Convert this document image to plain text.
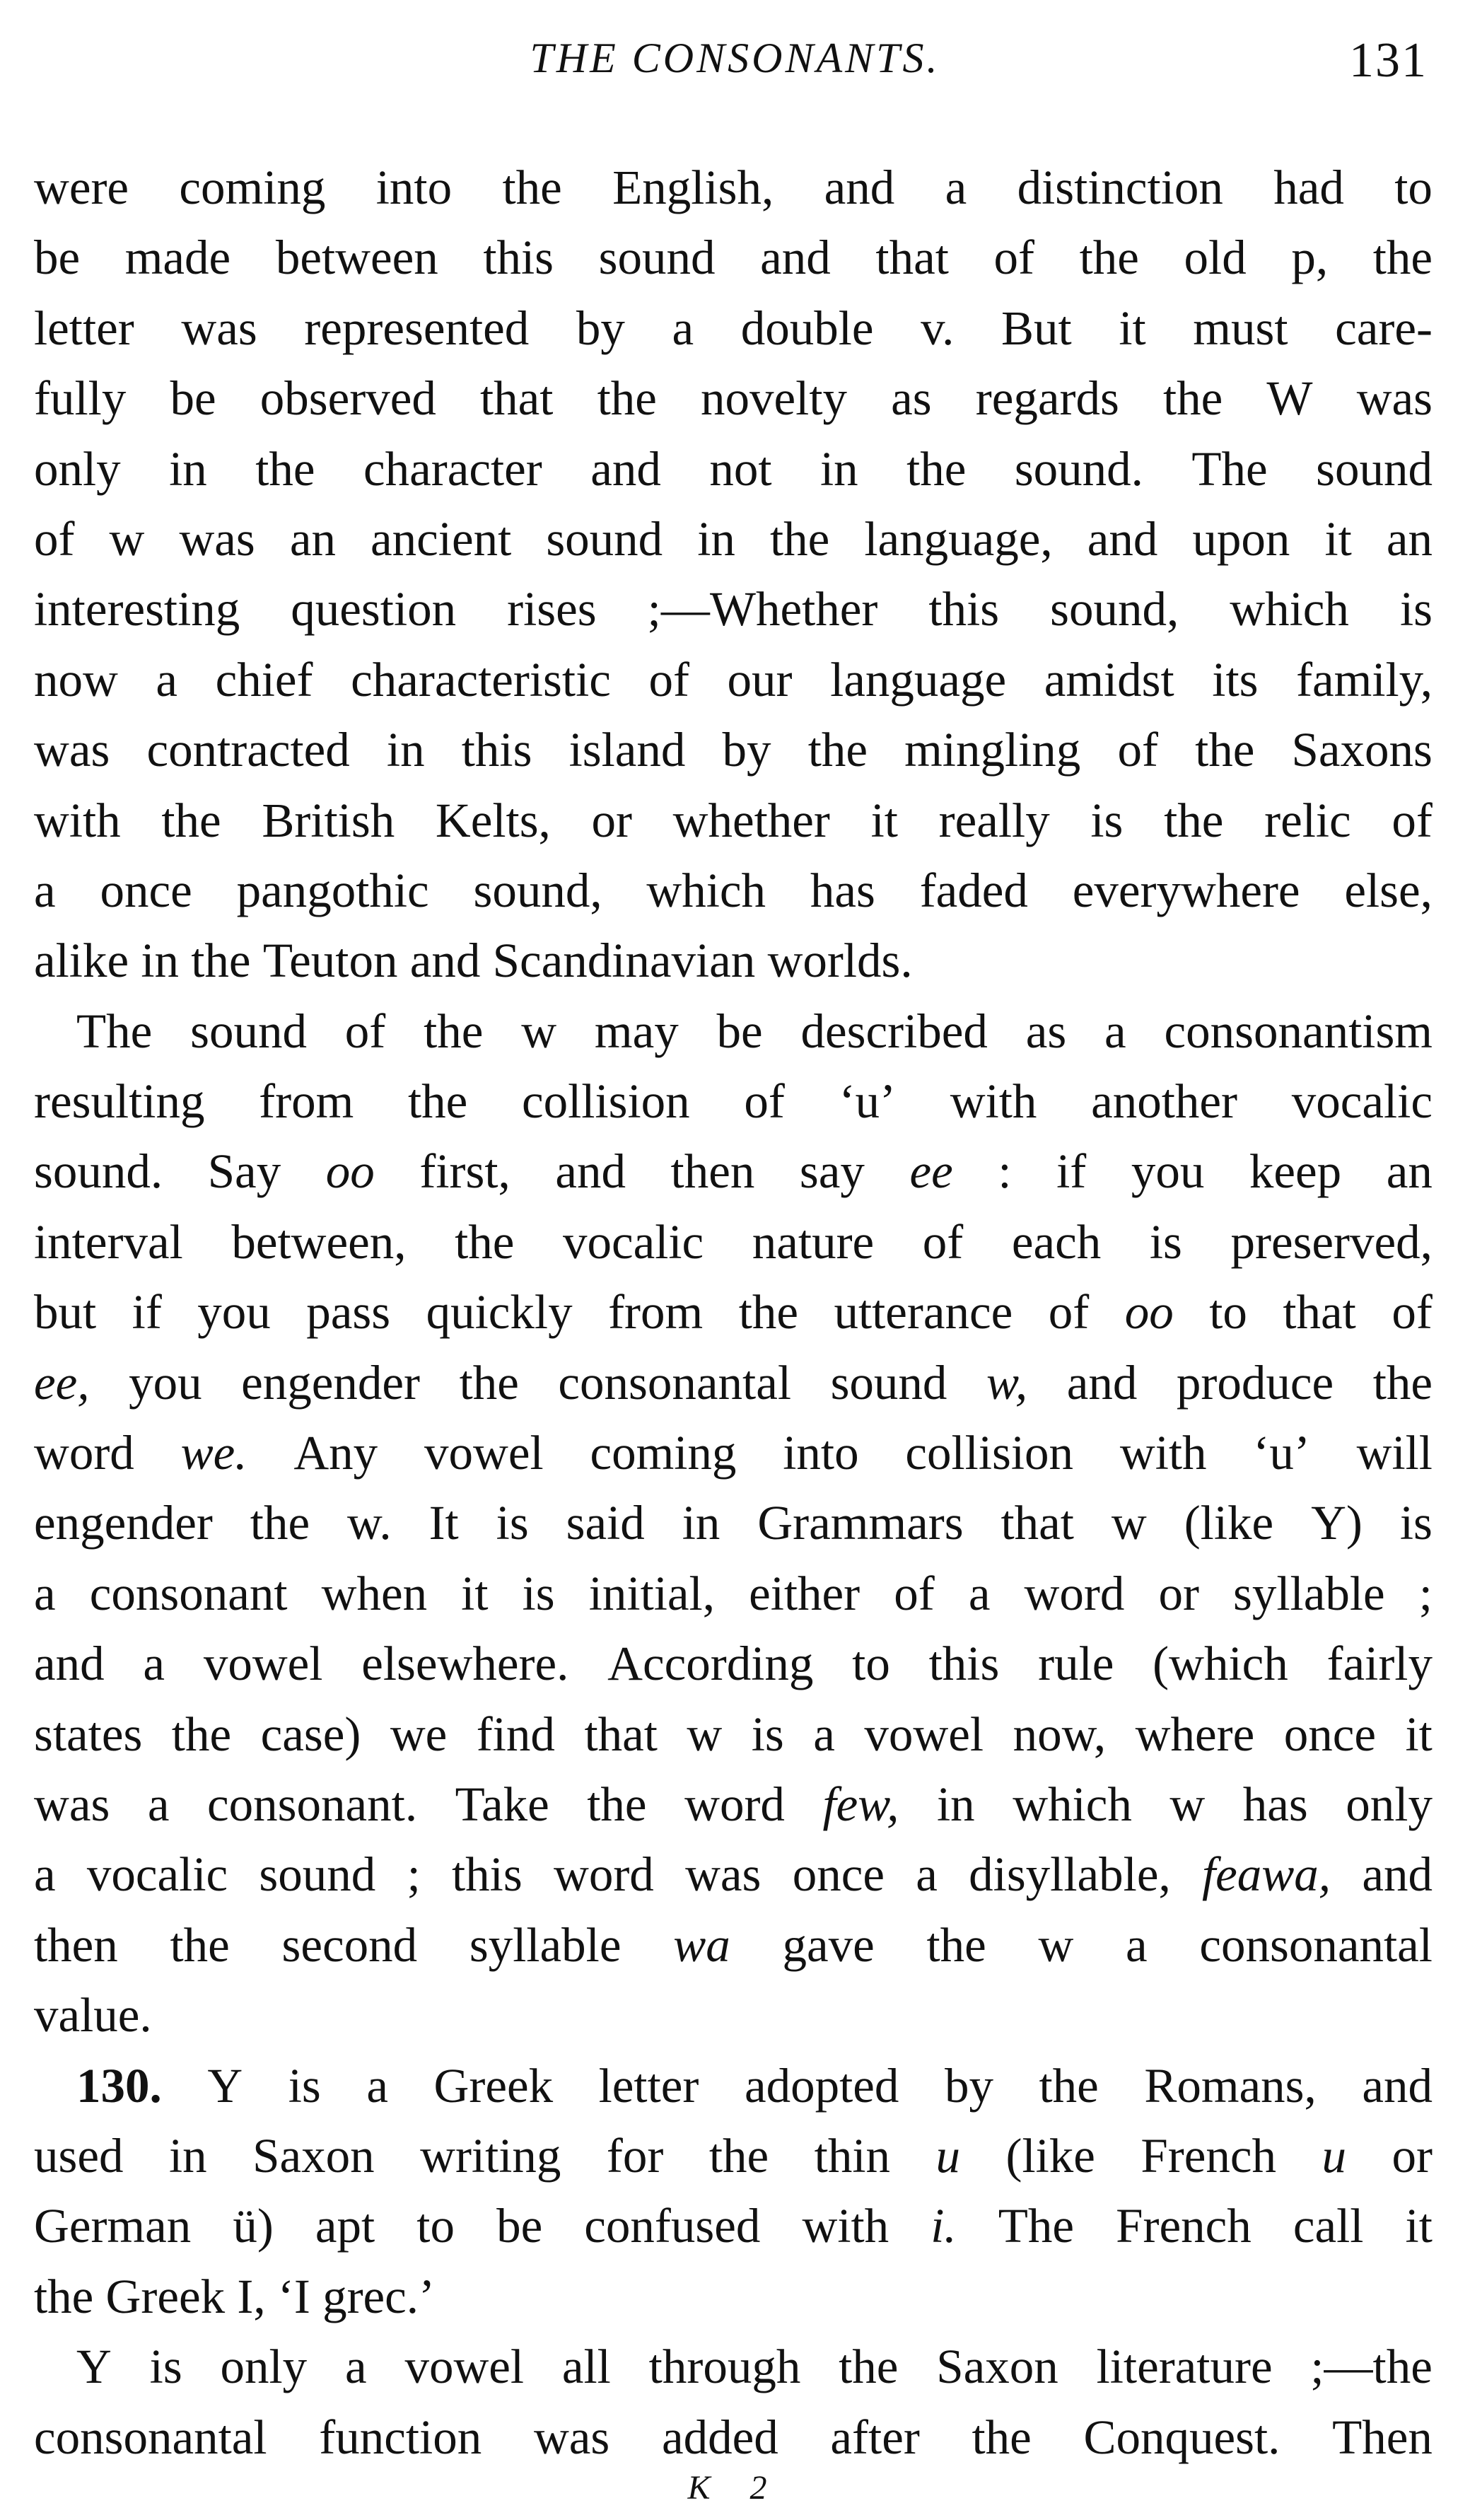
THE CONSONANTS.	131
were coming into the English, and a distinction had to
be made between this sound and that of the old p, the
letter was represented by a double v. But it must care-
fully be observed that the novelty as regards the W was
only in the character and not in the sound. The sound
of w was an ancient sound in the language, and upon it an
interesting question rises ;—Whether this sound, which is
now a chief characteristic of our language amidst its family,
was contracted in this island by the mingling of the Saxons
with the British Kelts, or whether it really is the relic of
a once pangothic sound, which has faded everywhere else,
alike
in
the
Teuton
and
Scandinavian
worlds.
The sound of the w may be described as a consonantism
resulting from the collision of ‘u’ with another vocalic
sound. Say oo first, and then say ee : if you keep an
interval between, the vocalic nature of each is preserved,
but if you pass quickly from the utterance of oo to that of
ee, you engender the consonantal sound w, and produce the
word we. Any vowel coming into collision with ‘u’ will
engender the w. It is said in Grammars that w (like Y) is
a consonant when it is initial, either of a word or syllable ;
and a vowel elsewhere. According to this rule (which fairly
states the case) we find that w is a vowel now, where once it
was a consonant. Take the word few, in which w has only
a vocalic sound ; this word was once a disyllable, feawa, and
then the second syllable wa gave the w a consonantal
value.
130. Y is a Greek letter adopted by the Romans, and
used in Saxon writing for the thin u (like French u or
German ü) apt to be confused with i. The French call it
the
Greek
I,
‘I
grec.’
Y is only a vowel all through the Saxon literature ;—the
consonantal function was added after the Conquest. Then
K 2
